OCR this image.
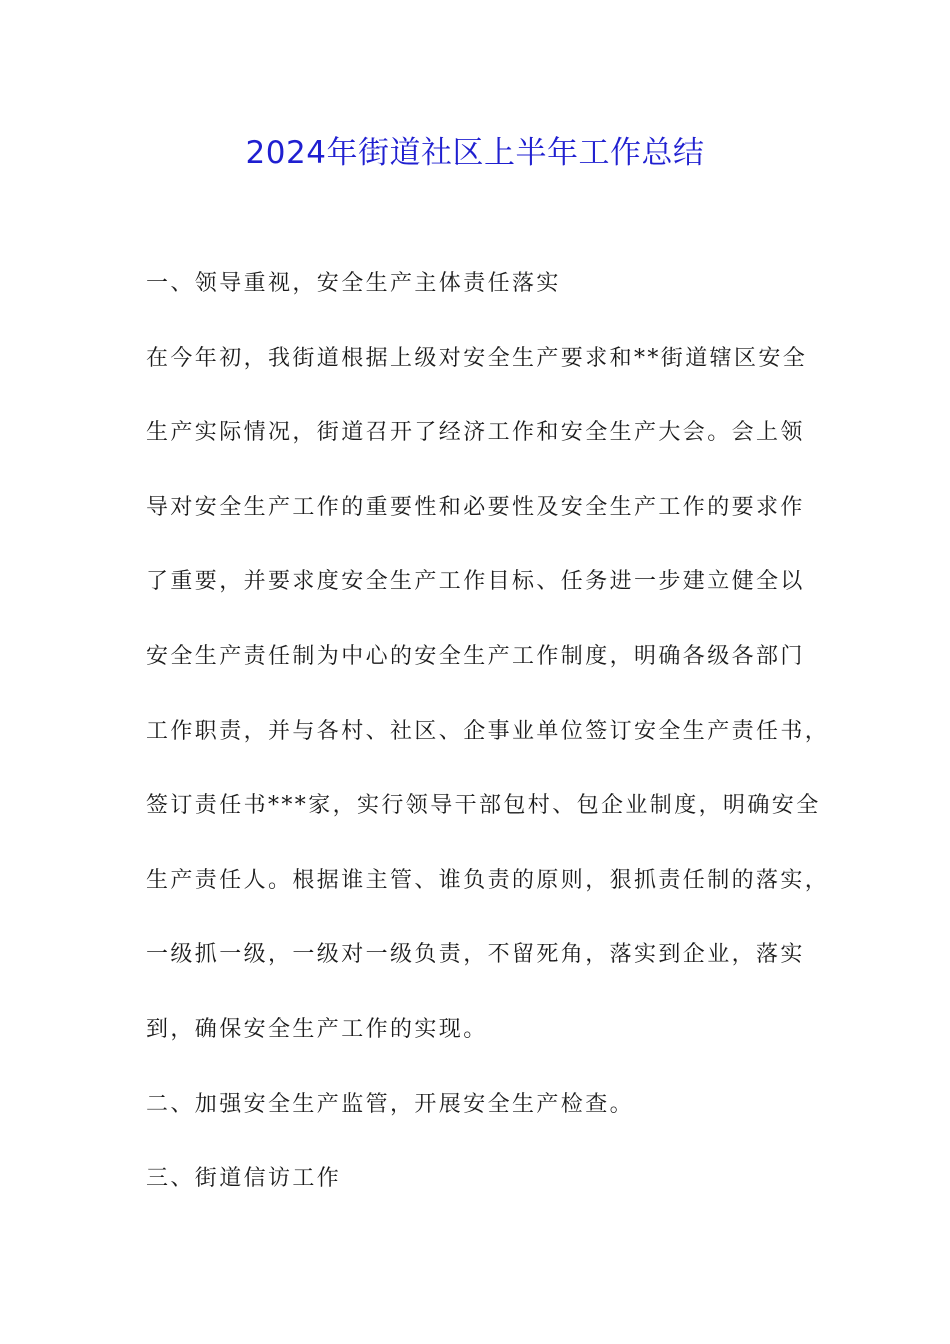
2024年街道社区上半年工作总结

一、领导重视，安全生产主体责任落实

在今年初，我街道根据上级对安全生产要求和**街道辖区安全

生产实际情况，街道召开了经济工作和安全生产大会。会上领

导对安全生产工作的重要性和必要性及安全生产工作的要求作

了重要，并要求度安全生产工作目标、任务进一步建立健全以

安全生产责任制为中心的安全生产工作制度，明确各级各部门

工作职责，并与各村、社区、企事业单位签订安全生产责任书，

签订责任书***家，实行领导干部包村、包企业制度，明确安全

生产责任人。根据谁主管、谁负责的原则，狠抓责任制的落实，

一级抓一级，一级对一级负责，不留死角，落实到企业，落实

到，确保安全生产工作的实现。

二、加强安全生产监管，开展安全生产检查。

三、街道信访工作
